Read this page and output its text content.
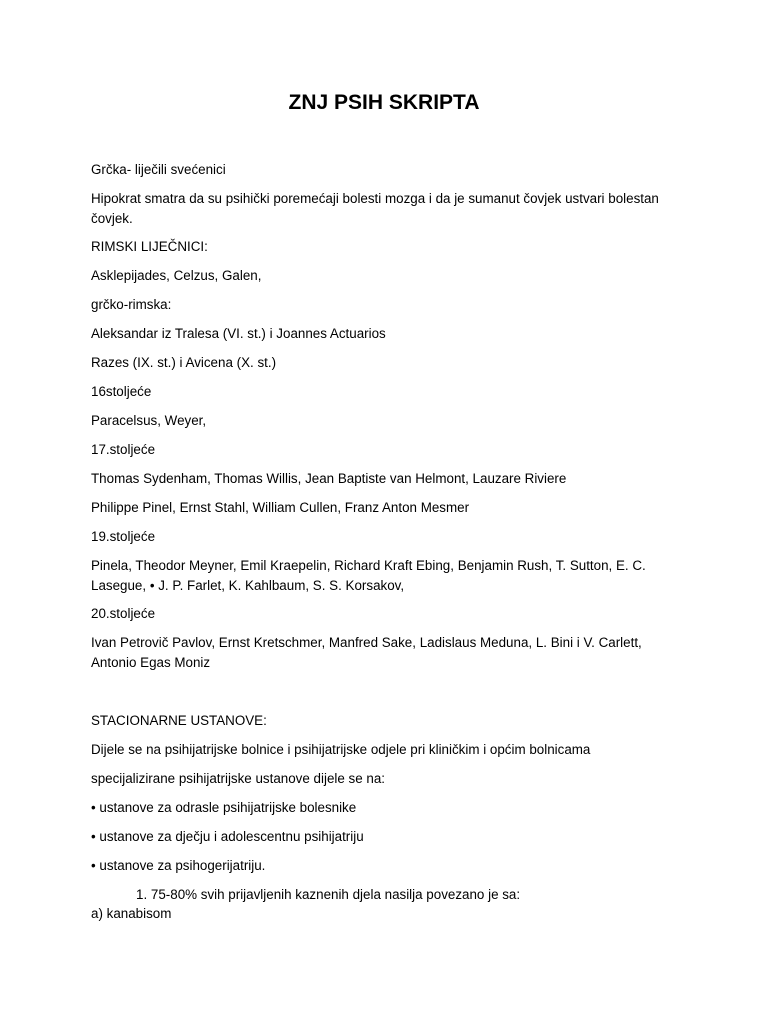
ZNJ PSIH SKRIPTA
Grčka- liječili svećenici
Hipokrat smatra da su psihički poremećaji bolesti mozga i da je sumanut čovjek ustvari bolestan čovjek.
RIMSKI LIJEČNICI:
Asklepijades, Celzus, Galen,
grčko-rimska:
Aleksandar iz Tralesa (VI. st.) i Joannes Actuarios
Razes (IX. st.) i Avicena (X. st.)
16stoljeće
Paracelsus, Weyer,
17.stoljeće
Thomas Sydenham, Thomas Willis, Jean Baptiste van Helmont, Lauzare Riviere
Philippe Pinel, Ernst Stahl, William Cullen, Franz Anton Mesmer
19.stoljeće
Pinela, Theodor Meyner, Emil Kraepelin, Richard Kraft Ebing, Benjamin Rush, T. Sutton, E. C. Lasegue, • J. P. Farlet, K. Kahlbaum, S. S. Korsakov,
20.stoljeće
Ivan Petrovič Pavlov, Ernst Kretschmer, Manfred Sake, Ladislaus Meduna, L. Bini i V. Carlett, Antonio Egas Moniz
STACIONARNE USTANOVE:
Dijele se na psihijatrijske bolnice i psihijatrijske odjele pri kliničkim i općim bolnicama
specijalizirane psihijatrijske ustanove dijele se na:
• ustanove za odrasle psihijatrijske bolesnike
• ustanove za dječju i adolescentnu psihijatriju
• ustanove za psihogerijatriju.
1. 75-80% svih prijavljenih kaznenih djela nasilja povezano je sa:
a) kanabisom
